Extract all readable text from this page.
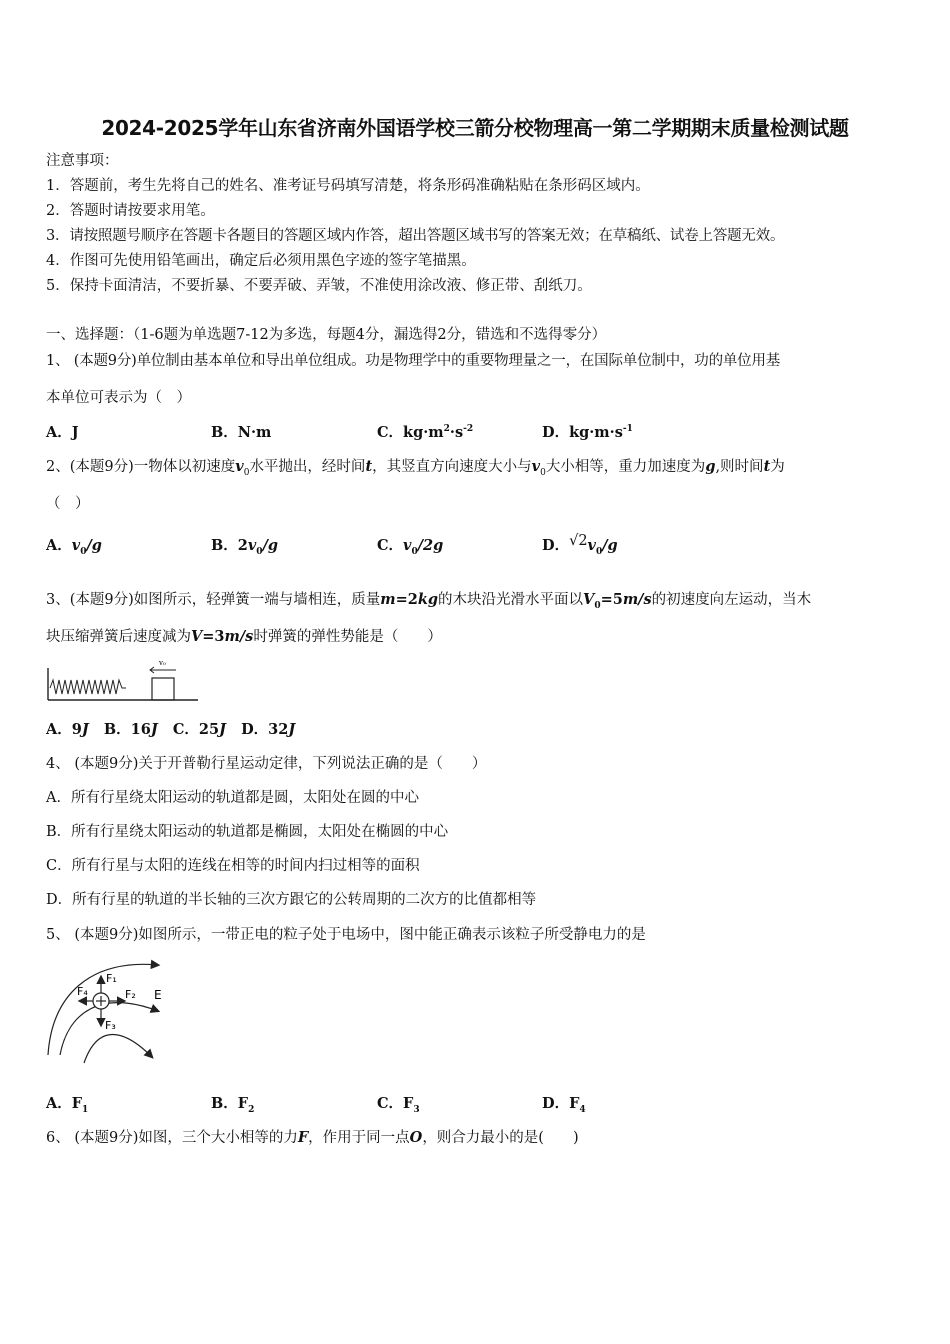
2024-2025学年山东省济南外国语学校三箭分校物理高一第二学期期末质量检测试题
注意事项：
1．答题前，考生先将自己的姓名、准考证号码填写清楚，将条形码准确粘贴在条形码区域内。
2．答题时请按要求用笔。
3．请按照题号顺序在答题卡各题目的答题区域内作答，超出答题区域书写的答案无效；在草稿纸、试卷上答题无效。
4．作图可先使用铅笔画出，确定后必须用黑色字迹的签字笔描黑。
5．保持卡面清洁，不要折暴、不要弄破、弄皱，不准使用涂改液、修正带、刮纸刀。
一、选择题：（1-6题为单选题7-12为多选，每题4分，漏选得2分，错选和不选得零分）
1、 (本题9分)单位制由基本单位和导出单位组成。功是物理学中的重要物理量之一，在国际单位制中，功的单位用基
本单位可表示为（　）
A．J	B．N·m	C．$kg\cdot m^2\cdot s^{-2}$	D．$kg\cdot m\cdot s^{-1}$
2、(本题9分)一物体以初速度$v_0$水平抛出，经时间t，其竖直方向速度大小与$v_0$大小相等，重力加速度为g,则时间t为
（　）
A．$v_0/g$	B．$2v_0/g$	C．$v_0/2g$	D．$√2v_0/g$
3、(本题9分)如图所示，轻弹簧一端与墙相连，质量m=2kg的木块沿光滑水平面以$V_0=5m/s$的初速度向左运动，当木
块压缩弹簧后速度减为V=3m/s时弹簧的弹性势能是（　　）
v₀
A．9J B．16J C．25J D．32J
4、 (本题9分)关于开普勒行星运动定律，下列说法正确的是（　　）
A．所有行星绕太阳运动的轨道都是圆，太阳处在圆的中心
B．所有行星绕太阳运动的轨道都是椭圆，太阳处在椭圆的中心
C．所有行星与太阳的连线在相等的时间内扫过相等的面积
D．所有行星的轨道的半长轴的三次方跟它的公转周期的二次方的比值都相等
5、 (本题9分)如图所示，一带正电的粒子处于电场中，图中能正确表示该粒子所受静电力的是
F₁
F₂
F₃
F₄	E
A．$F_1$	B．$F_2$	C．$F_3$	D．$F_4$
6、 (本题9分)如图，三个大小相等的力F，作用于同一点O，则合力最小的是(　　)
